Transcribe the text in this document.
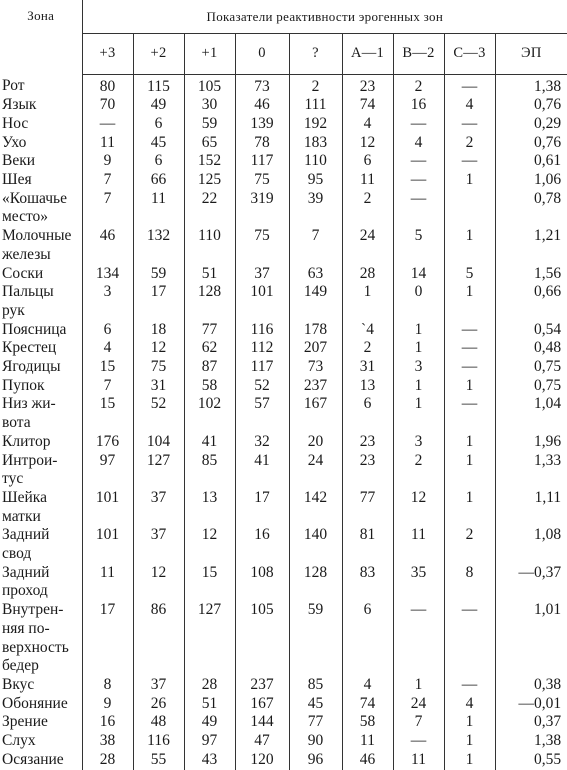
Зона	Показатели реактивности эрогенных зон								
	+3	+2	+1	0	?	A—1	B—2	C—3	ЭП
Рот	80	115	105	73	2	23	2	—	1,38
Язык	70	49	30	46	111	74	16	4	0,76
Нос	—	6	59	139	192	4	—	—	0,29
Ухо	11	45	65	78	183	12	4	2	0,76
Веки	9	6	152	117	110	6	—	—	0,61
Шея	7	66	125	75	95	11	—	1	1,06
«Кошачье
место»	7	11	22	319	39	2	—		0,78
Молочные
железы	46	132	110	75	7	24	5	1	1,21
Соски	134	59	51	37	63	28	14	5	1,56
Пальцы
рук	3	17	128	101	149	1	0	1	0,66
Поясница	6	18	77	116	178	`4	1	—	0,54
Крестец	4	12	62	112	207	2	1	—	0,48
Ягодицы	15	75	87	117	73	31	3	—	0,75
Пупок	7	31	58	52	237	13	1	1	0,75
Низ жи-
вота	15	52	102	57	167	6	1	—	1,04
Клитор	176	104	41	32	20	23	3	1	1,96
Интрои-
тус	97	127	85	41	24	23	2	1	1,33
Шейка
матки	101	37	13	17	142	77	12	1	1,11
Задний
свод	101	37	12	16	140	81	11	2	1,08
Задний
проход	11	12	15	108	128	83	35	8	—0,37
Внутрен-
няя по-
верхность
бедер	17	86	127	105	59	6	—	—	1,01
Вкус	8	37	28	237	85	4	1	—	0,38
Обоняние	9	26	51	167	45	74	24	4	—0,01
Зрение	16	48	49	144	77	58	7	1	0,37
Слух	38	116	97	47	90	11	—	1	1,38
Осязание	28	55	43	120	96	46	11	1	0,55
